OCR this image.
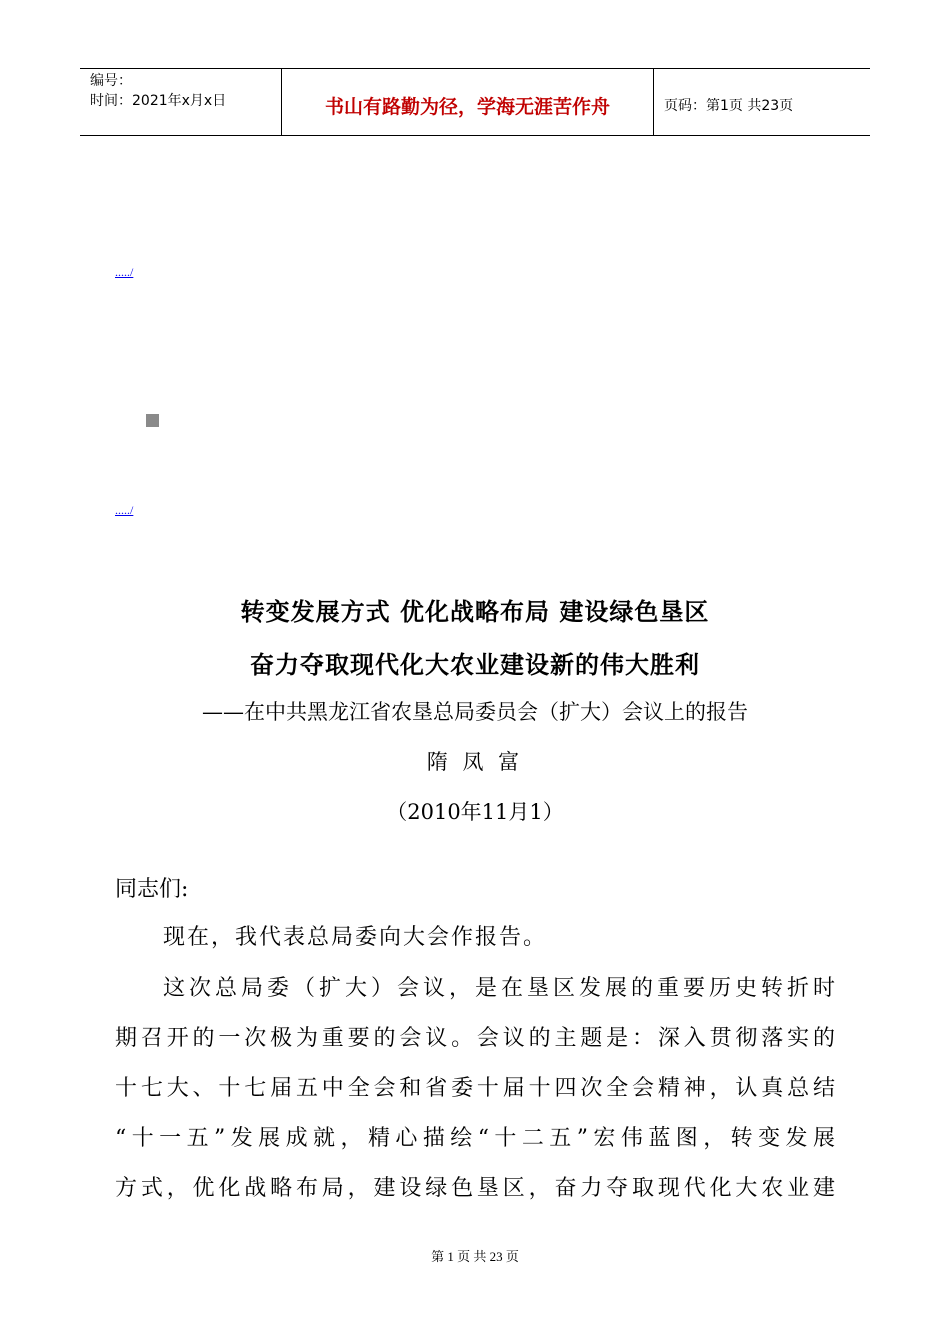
编号：
时间：2021年x月x日	书山有路勤为径，学海无涯苦作舟	页码：第1页 共23页
...../
...../
转变发展方式 优化战略布局 建设绿色垦区
奋力夺取现代化大农业建设新的伟大胜利
——在中共黑龙江省农垦总局委员会（扩大）会议上的报告
隋 凤 富
（2010年11月1）
同志们:
现在，我代表总局委向大会作报告。
这次总局委（扩大）会议，是在垦区发展的重要历史转折时
期召开的一次极为重要的会议。会议的主题是：深入贯彻落实的
十七大、十七届五中全会和省委十届十四次全会精神，认真总结
“十一五”发展成就，精心描绘“十二五”宏伟蓝图，转变发展
方式，优化战略布局，建设绿色垦区，奋力夺取现代化大农业建
第 1 页 共 23 页
